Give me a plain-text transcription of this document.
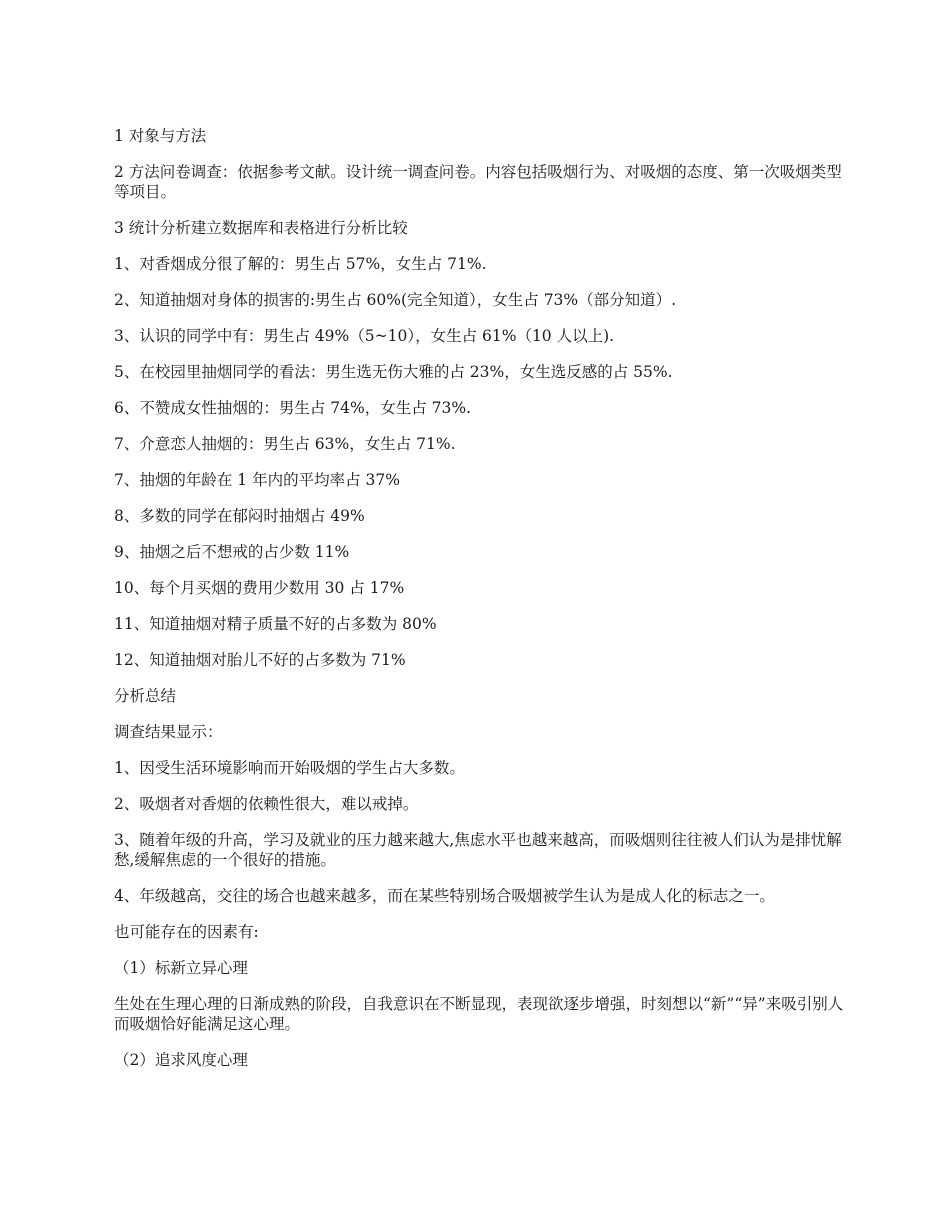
1 对象与方法

2 方法问卷调查：依据参考文献。设计统一调查问卷。内容包括吸烟行为、对吸烟的态度、第一次吸烟类型等项目。

3 统计分析建立数据库和表格进行分析比较

1、对香烟成分很了解的：男生占 57%，女生占 71%.

2、知道抽烟对身体的损害的:男生占 60%(完全知道），女生占 73%（部分知道）.

3、认识的同学中有：男生占 49%（5~10），女生占 61%（10 人以上).

5、在校园里抽烟同学的看法：男生选无伤大雅的占 23%，女生选反感的占 55%.

6、不赞成女性抽烟的：男生占 74%，女生占 73%.

7、介意恋人抽烟的：男生占 63%，女生占 71%.

7、抽烟的年龄在 1 年内的平均率占 37%

8、多数的同学在郁闷时抽烟占 49%

9、抽烟之后不想戒的占少数 11%

10、每个月买烟的费用少数用 30 占 17%

11、知道抽烟对精子质量不好的占多数为 80%

12、知道抽烟对胎儿不好的占多数为 71%

分析总结

调查结果显示：

1、因受生活环境影响而开始吸烟的学生占大多数。

2、吸烟者对香烟的依赖性很大，难以戒掉。

3、随着年级的升高，学习及就业的压力越来越大,焦虑水平也越来越高，而吸烟则往往被人们认为是排忧解愁,缓解焦虑的一个很好的措施。

4、年级越高，交往的场合也越来越多，而在某些特别场合吸烟被学生认为是成人化的标志之一。

也可能存在的因素有:

（1）标新立异心理

生处在生理心理的日渐成熟的阶段，自我意识在不断显现，表现欲逐步增强，时刻想以“新”“异”来吸引别人而吸烟恰好能满足这心理。

（2）追求风度心理
